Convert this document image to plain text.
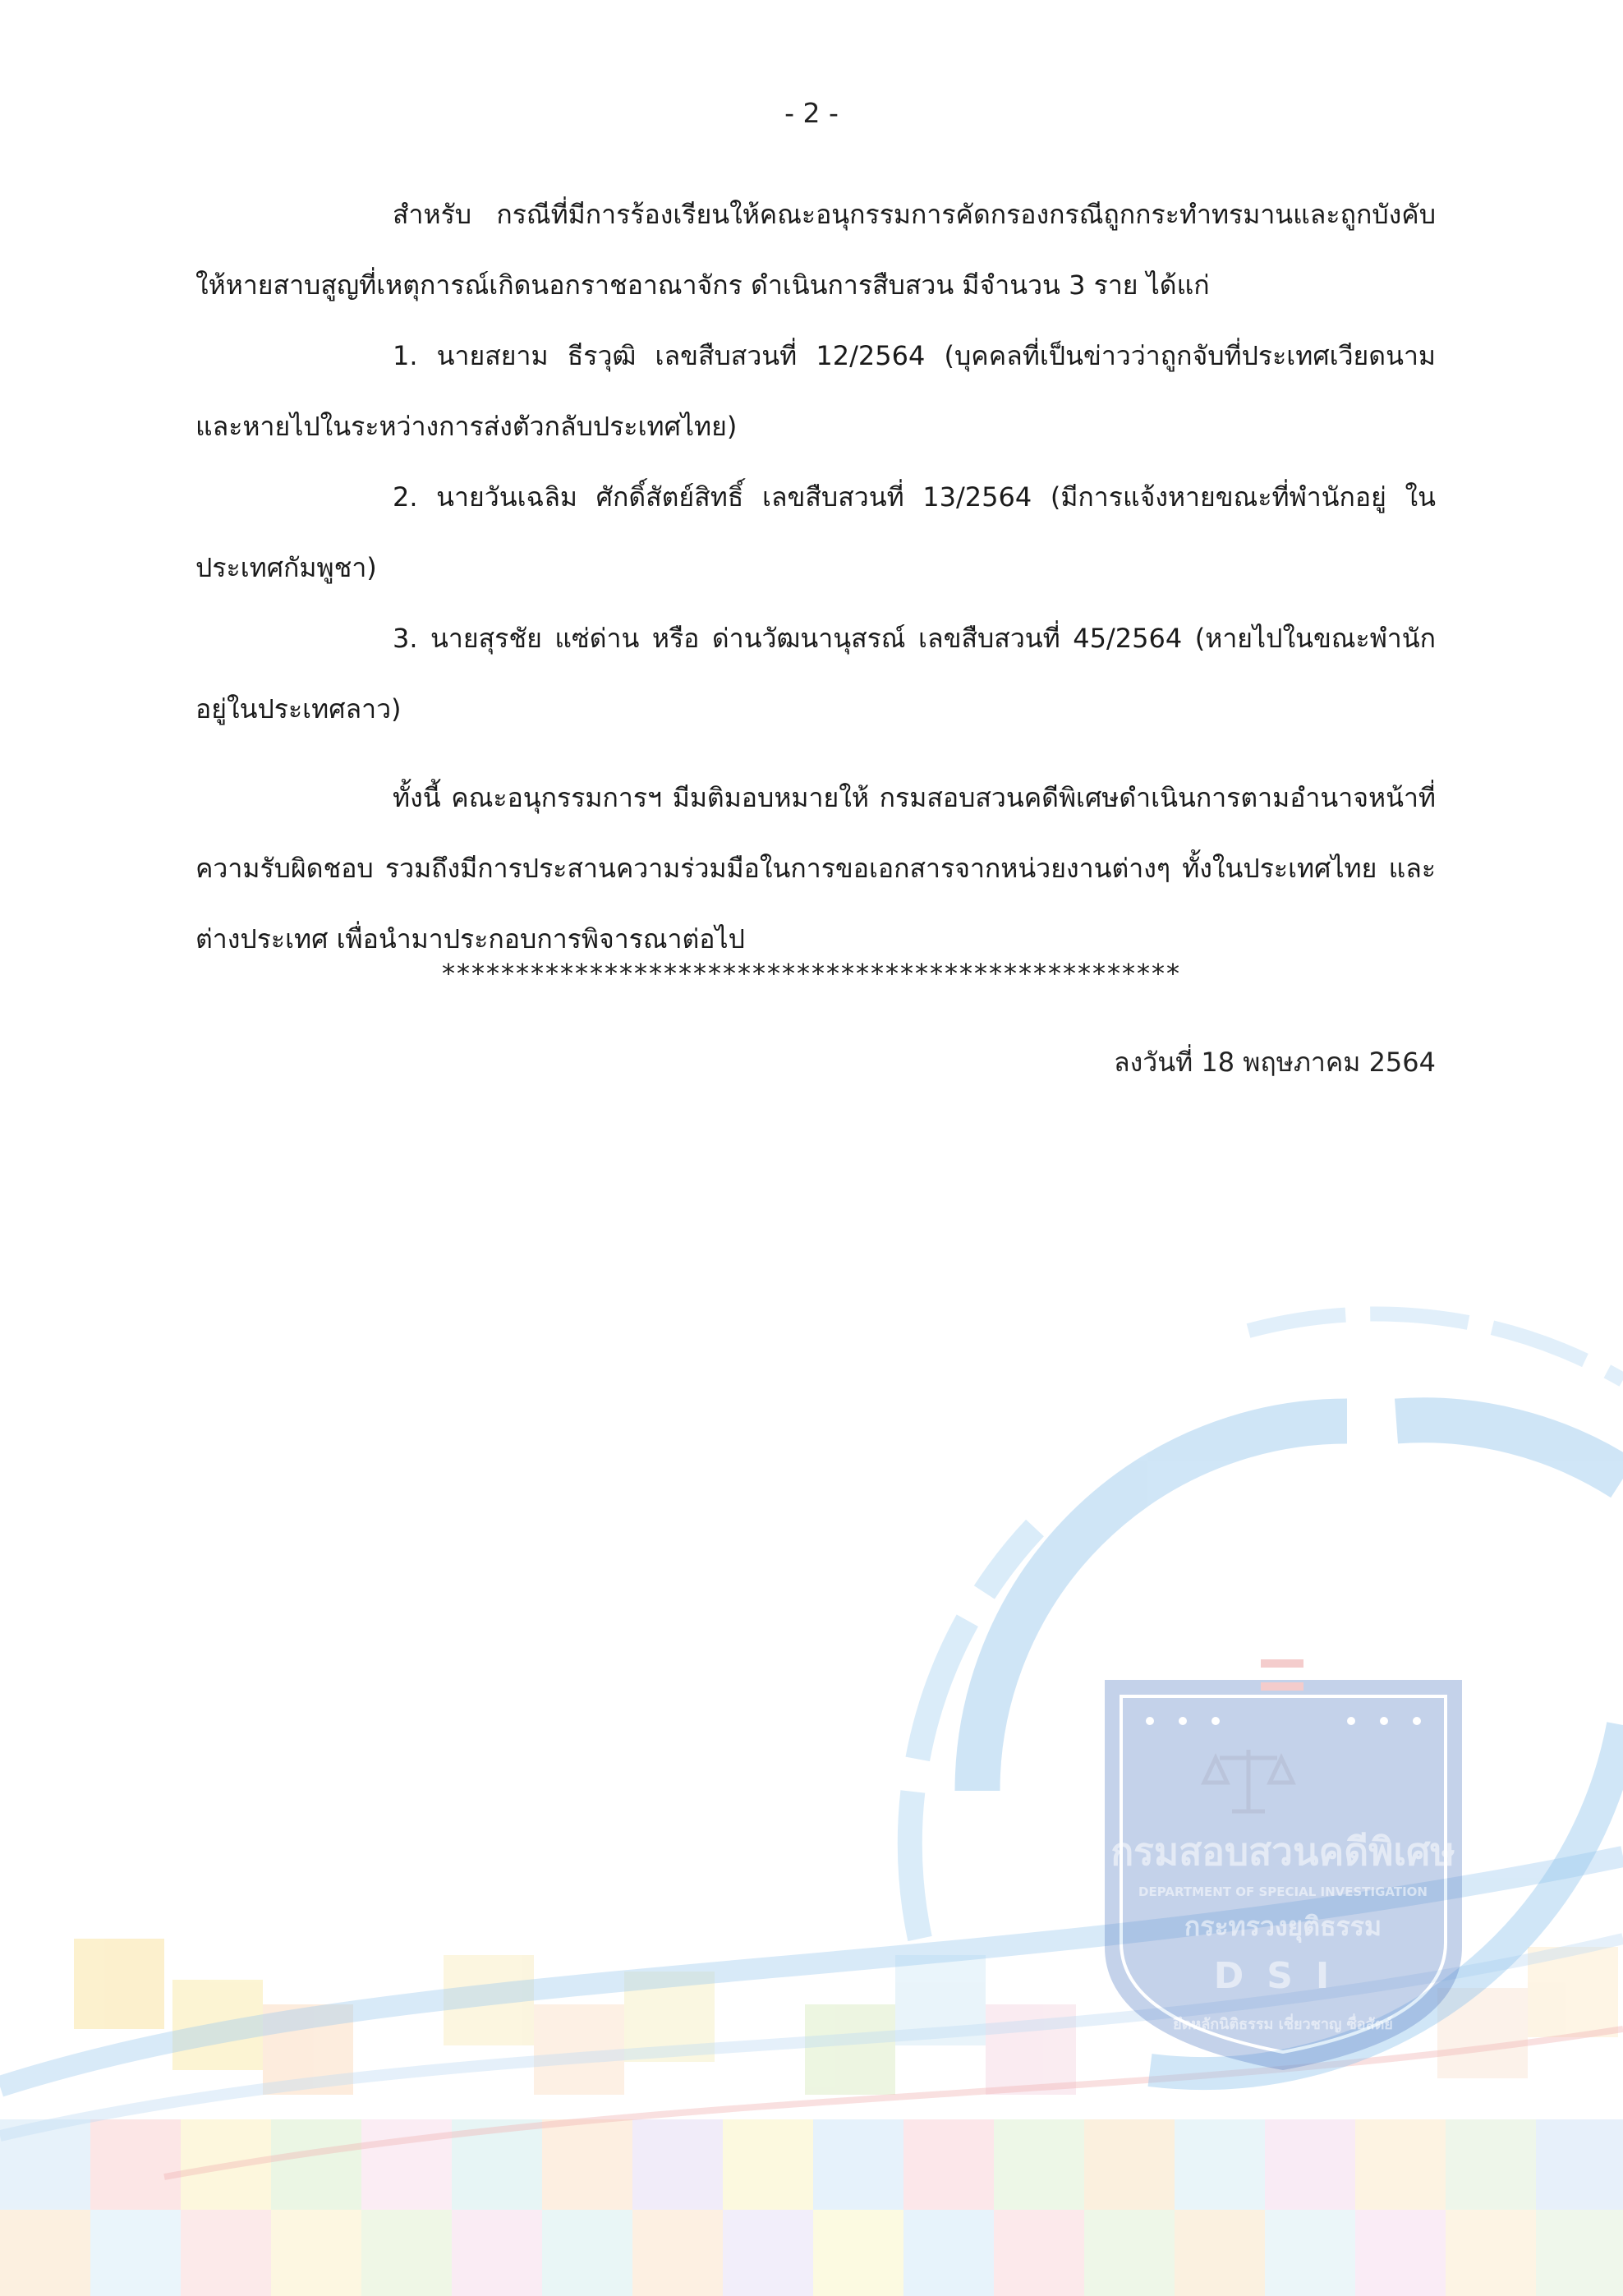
กรมสอบสวนคดีพิเศษ
DEPARTMENT OF SPECIAL INVESTIGATION
กระทรวงยุติธรรม
DSI
ยึดหลักนิติธรรม เชี่ยวชาญ ซื่อสัตย์
- 2 -

สำหรับ กรณีที่มีการร้องเรียนให้คณะอนุกรรมการคัดกรองกรณีถูกกระทำทรมานและถูกบังคับ ให้หายสาบสูญที่เหตุการณ์เกิดนอกราชอาณาจักร ดำเนินการสืบสวน มีจำนวน 3 ราย ได้แก่

1. นายสยาม ธีรวุฒิ เลขสืบสวนที่ 12/2564 (บุคคลที่เป็นข่าวว่าถูกจับที่ประเทศเวียดนาม และหายไปในระหว่างการส่งตัวกลับประเทศไทย)

2. นายวันเฉลิม ศักดิ์สัตย์สิทธิ์ เลขสืบสวนที่ 13/2564 (มีการแจ้งหายขณะที่พำนักอยู่ ในประเทศกัมพูชา)

3. นายสุรชัย แซ่ด่าน หรือ ด่านวัฒนานุสรณ์ เลขสืบสวนที่ 45/2564 (หายไปในขณะพำนัก อยู่ในประเทศลาว)

ทั้งนี้ คณะอนุกรรมการฯ มีมติมอบหมายให้ กรมสอบสวนคดีพิเศษดำเนินการตามอำนาจหน้าที่ ความรับผิดชอบ รวมถึงมีการประสานความร่วมมือในการขอเอกสารจากหน่วยงานต่างๆ ทั้งในประเทศไทย และต่างประเทศ เพื่อนำมาประกอบการพิจารณาต่อไป

**************************************************
ลงวันที่ 18 พฤษภาคม 2564
